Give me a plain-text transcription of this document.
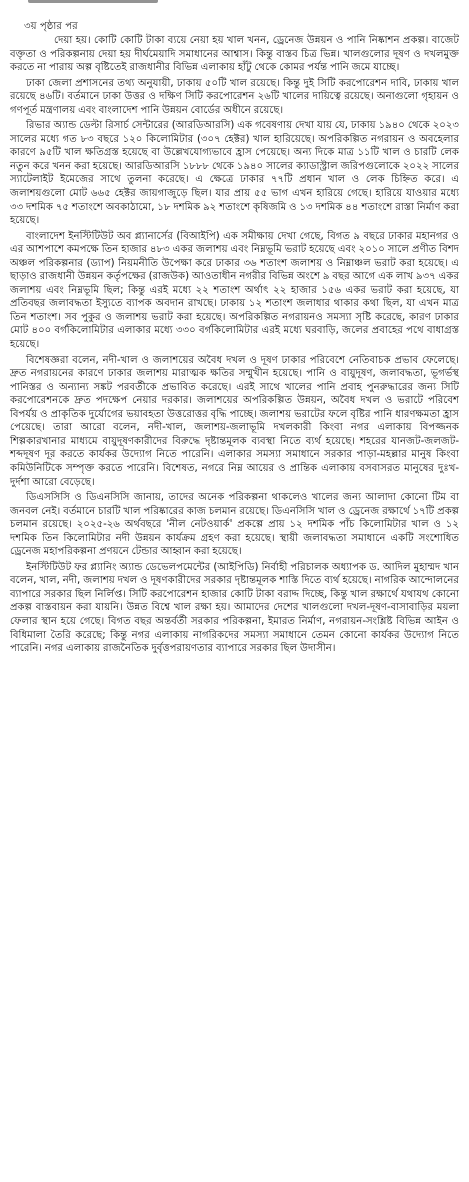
৩য় পৃষ্ঠার পর

দেয়া হয়। কোটি কোটি টাকা ব্যয়ে নেয়া হয় খাল খনন, ড্রেনেজ উন্নয়ন ও পানি নিষ্কাশন প্রকল্প। বাজেট বক্তৃতা ও পরিকল্পনায় দেয়া হয় দীর্ঘমেয়াদি সমাধানের আশ্বাস। কিন্তু বাস্তব চিত্র ভিন্ন। খালগুলোর দূষণ ও দখলমুক্ত করতে না পারায় অল্প বৃষ্টিতেই রাজধানীর বিভিন্ন এলাকায় হাঁটু থেকে কোমর পর্যন্ত পানি জমে যাচ্ছে।

ঢাকা জেলা প্রশাসনের তথ্য অনুযায়ী, ঢাকায় ৫০টি খাল রয়েছে। কিন্তু দুই সিটি করপোরেশন দাবি, ঢাকায় খাল রয়েছে ৪৬টি। বর্তমানে ঢাকা উত্তর ও দক্ষিণ সিটি করপোরেশন ২৬টি খালের দায়িত্বে রয়েছে। অনাগুলো গৃহায়ন ও গণপূর্ত মন্ত্রণালয় এবং বাংলাদেশ পানি উন্নয়ন বোর্ডের অধীনে রয়েছে।

রিভার অ্যান্ড ডেল্টা রিসার্চ সেন্টারের (আরডিআরসি) এক গবেষণায় দেখা যায় যে, ঢাকায় ১৯৪০ থেকে ২০২৩ সালের মধ্যে গত ৮৩ বছরে ১২০ কিলোমিটার (৩০৭ হেক্টর) খাল হারিয়েছে। অপরিকল্পিত নগরায়ন ও অবহেলার কারণে ৯৫টি খাল ক্ষতিগ্রস্ত হয়েছে বা উল্লেখযোগ্যভাবে হ্রাস পেয়েছে। অন্য দিকে মাত্র ১১টি খাল ও চারটি লেক নতুন করে খনন করা হয়েছে। আরডিআরসি ১৮৮৮ থেকে ১৯৪০ সালের ক্যাডাস্ট্রাল জরিপগুলোকে ২০২২ সালের স্যাটেলাইট ইমেজের সাথে তুলনা করেছে। এ ক্ষেত্রে ঢাকার ৭৭টি প্রধান খাল ও লেক চিহ্নিত করে। এ জলাশয়গুলো মোট ৬৬৫ হেক্টর জায়গাজুড়ে ছিল। যার প্রায় ৫৫ ভাগ এখন হারিয়ে গেছে। হারিয়ে যাওয়ার মধ্যে ৩৩ দশমিক ৭৫ শতাংশে অবকাঠামো, ১৮ দশমিক ৯২ শতাংশে কৃষিজমি ও ১৩ দশমিক ৪৪ শতাংশে রাস্তা নির্মাণ করা হয়েছে।

বাংলাদেশ ইনস্টিটিউট অব প্ল্যানার্সের (বিআইপি) এক সমীক্ষায় দেখা গেছে, বিগত ৯ বছরে ঢাকার মহানগর ও এর আশপাশে কমপক্ষে তিন হাজার ৪৮৩ একর জলাশয় এবং নিম্নভূমি ভরাট হয়েছে এবং ২০১০ সালে প্রণীত বিশদ অঞ্চল পরিকল্পনার (ড্যাপ) নিয়মনীতি উপেক্ষা করে ঢাকার ৩৬ শতাংশ জলাশয় ও নিম্নাঞ্চল ভরাট করা হয়েছে। এ ছাড়াও রাজধানী উন্নয়ন কর্তৃপক্ষের (রাজউক) আওতাধীন নগরীর বিভিন্ন অংশে ৯ বছর আগে এক লাখ ৯৩৭ একর জলাশয় এবং নিম্নভূমি ছিল; কিন্তু এরই মধ্যে ২২ শতাংশ অর্থাৎ ২২ হাজার ১৫৬ একর ভরাট করা হয়েছে, যা প্রতিবছর জলাবদ্ধতা ইস্যুতে ব্যাপক অবদান রাখছে। ঢাকায় ১২ শতাংশ জলাধার থাকার কথা ছিল, যা এখন মাত্র তিন শতাংশ। সব পুকুর ও জলাশয় ভরাট করা হয়েছে। অপরিকল্পিত নগরায়নও সমস্যা সৃষ্টি করেছে, কারণ ঢাকার মোট ৪০০ বর্গকিলোমিটার এলাকার মধ্যে ৩৩০ বর্গকিলোমিটার এরই মধ্যে ঘরবাড়ি, জলের প্রবাহের পথে বাধাগ্রস্ত হয়েছে।

বিশেষজ্ঞরা বলেন, নদী-খাল ও জলাশয়ের অবৈধ দখল ও দূষণ ঢাকার পরিবেশে নেতিবাচক প্রভাব ফেলেছে। দ্রুত নগরায়নের কারণে ঢাকার জলাশয় মারাত্মক ক্ষতির সম্মুখীন হয়েছে। পানি ও বায়ুদূষণ, জলাবদ্ধতা, ভূগর্ভস্থ পানিস্তর ও অন্যান্য সঙ্কট পরবর্তীকে প্রভাবিত করেছে। এরই সাথে খালের পানি প্রবাহ পুনরুদ্ধারের জন্য সিটি করপোরেশনকে দ্রুত পদক্ষেপ নেয়ার দরকার। জলাশয়ের অপরিকল্পিত উন্নয়ন, অবৈধ দখল ও ভরাটে পরিবেশ বিপর্যয় ও প্রাকৃতিক দুর্যোগের ভয়াবহতা উত্তরোত্তর বৃদ্ধি পাচ্ছে। জলাশয় ভরাটের ফলে বৃষ্টির পানি ধারণক্ষমতা হ্রাস পেয়েছে। তারা আরো বলেন, নদী-খাল, জলাশয়-জলাভূমি দখলকারী কিংবা নগর এলাকায় বিপজ্জনক শিল্পকারখানার মাধ্যমে বায়ুদূষণকারীদের বিরুদ্ধে দৃষ্টান্তমূলক ব্যবস্থা নিতে ব্যর্থ হয়েছে। শহরের যানজট-জলজট-শব্দদূষণ দূর করতে কার্যকর উদ্যোগ নিতে পারেনি। এলাকার সমস্যা সমাধানে সরকার পাড়া-মহল্লার মানুষ কিংবা কমিউনিটিকে সম্পৃক্ত করতে পারেনি। বিশেষত, নগরে নিম্ন আয়ের ও প্রান্তিক এলাকায় বসবাসরত মানুষের দুঃখ-দুর্দশা আরো বেড়েছে।

ডিএসসিসি ও ডিএনসিসি জানায়, তাদের অনেক পরিকল্পনা থাকলেও খালের জন্য আলাদা কোনো টিম বা জনবল নেই। বর্তমানে চারটি খাল পরিষ্কারের কাজ চলমান রয়েছে। ডিএনসিসি খাল ও ড্রেনেজ রক্ষার্থে ১৭টি প্রকল্প চলমান রয়েছে। ২০২৫-২৬ অর্থবছরে 'নীল নেটওয়ার্ক' প্রকল্পে প্রায় ১২ দশমিক পাঁচ কিলোমিটার খাল ও ১২ দশমিক তিন কিলোমিটার নদী উন্নয়ন কার্যক্রম গ্রহণ করা হয়েছে। স্থায়ী জলাবদ্ধতা সমাধানে একটি সংশোধিত ড্রেনেজ মহাপরিকল্পনা প্রণয়নে টেন্ডার আহ্বান করা হয়েছে।

ইনস্টিটিউট ফর প্ল্যানিং অ্যান্ড ডেভেলপমেন্টের (আইপিডি) নির্বাহী পরিচালক অধ্যাপক ড. আদিল মুহাম্মদ খান বলেন, খাল, নদী, জলাশয় দখল ও দূষণকারীদের সরকার দৃষ্টান্তমূলক শাস্তি দিতে ব্যর্থ হয়েছে। নাগরিক আন্দোলনের ব্যাপারে সরকার ছিল নির্লিপ্ত। সিটি করপোরেশন হাজার কোটি টাকা বরাদ্দ দিচ্ছে, কিন্তু খাল রক্ষার্থে যথাযথ কোনো প্রকল্প বাস্তবায়ন করা যায়নি। উন্নত বিশ্বে খাল রক্ষা হয়। আমাদের দেশের খালগুলো দখল-দূষণ-বাসাবাড়ির ময়লা ফেলার স্থান হয়ে গেছে। বিগত বছর অন্তর্বর্তী সরকার পরিকল্পনা, ইমারত নির্মাণ, নগরায়ন-সংশ্লিষ্ট বিভিন্ন আইন ও বিধিমালা তৈরি করেছে; কিন্তু নগর এলাকায় নাগরিকদের সমস্যা সমাধানে তেমন কোনো কার্যকর উদ্যোগ নিতে পারেনি। নগর এলাকায় রাজনৈতিক দুর্বৃত্তপরায়ণতার ব্যাপারে সরকার ছিল উদাসীন।
